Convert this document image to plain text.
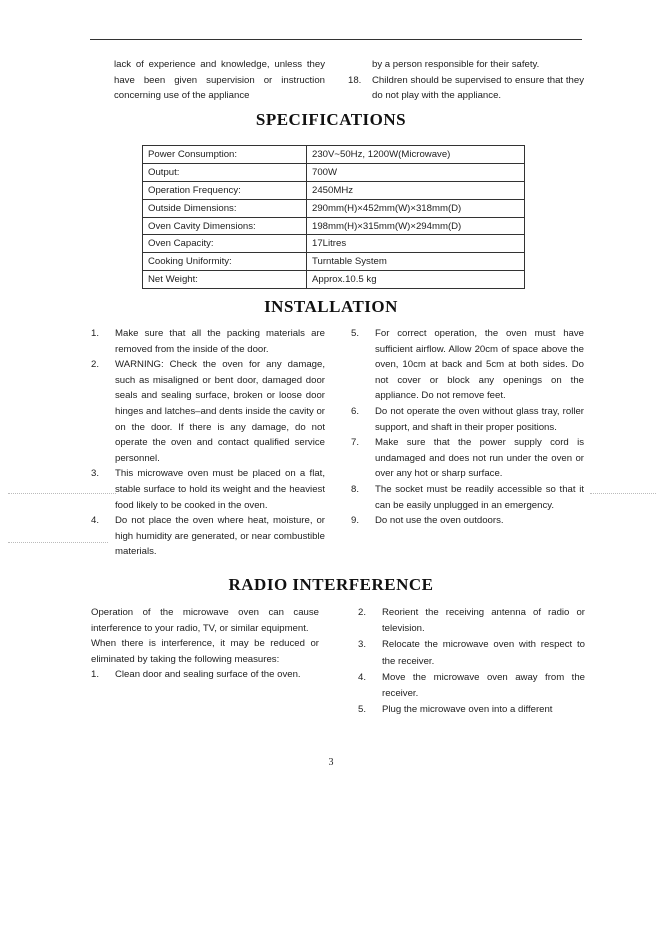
lack of experience and knowledge, unless they have been given supervision or instruction concerning use of the appliance

by a person responsible for their safety.

18. Children should be supervised to ensure that they do not play with the appliance.
SPECIFICATIONS
Power Consumption:	230V~50Hz, 1200W(Microwave)
Output:	700W
Operation Frequency:	2450MHz
Outside Dimensions:	290mm(H)×452mm(W)×318mm(D)
Oven Cavity Dimensions:	198mm(H)×315mm(W)×294mm(D)
Oven Capacity:	17Litres
Cooking Uniformity:	Turntable System
Net Weight:	Approx.10.5 kg
INSTALLATION
1. Make sure that all the packing materials are removed from the inside of the door.
2. WARNING: Check the oven for any damage, such as misaligned or bent door, damaged door seals and sealing surface, broken or loose door hinges and latches–and dents inside the cavity or on the door. If there is any damage, do not operate the oven and contact qualified service personnel.
3. This microwave oven must be placed on a flat, stable surface to hold its weight and the heaviest food likely to be cooked in the oven.
4. Do not place the oven where heat, moisture, or high humidity are generated, or near combustible materials.
5. For correct operation, the oven must have sufficient airflow. Allow 20cm of space above the oven, 10cm at back and 5cm at both sides. Do not cover or block any openings on the appliance. Do not remove feet.
6. Do not operate the oven without glass tray, roller support, and shaft in their proper positions.
7. Make sure that the power supply cord is undamaged and does not run under the oven or over any hot or sharp surface.
8. The socket must be readily accessible so that it can be easily unplugged in an emergency.
9. Do not use the oven outdoors.
RADIO INTERFERENCE

Operation of the microwave oven can cause interference to your radio, TV, or similar equipment.

When there is interference, it may be reduced or eliminated by taking the following measures:

1. Clean door and sealing surface of the oven.
2. Reorient the receiving antenna of radio or television.
3. Relocate the microwave oven with respect to the receiver.
4. Move the microwave oven away from the receiver.
5. Plug the microwave oven into a different
3
